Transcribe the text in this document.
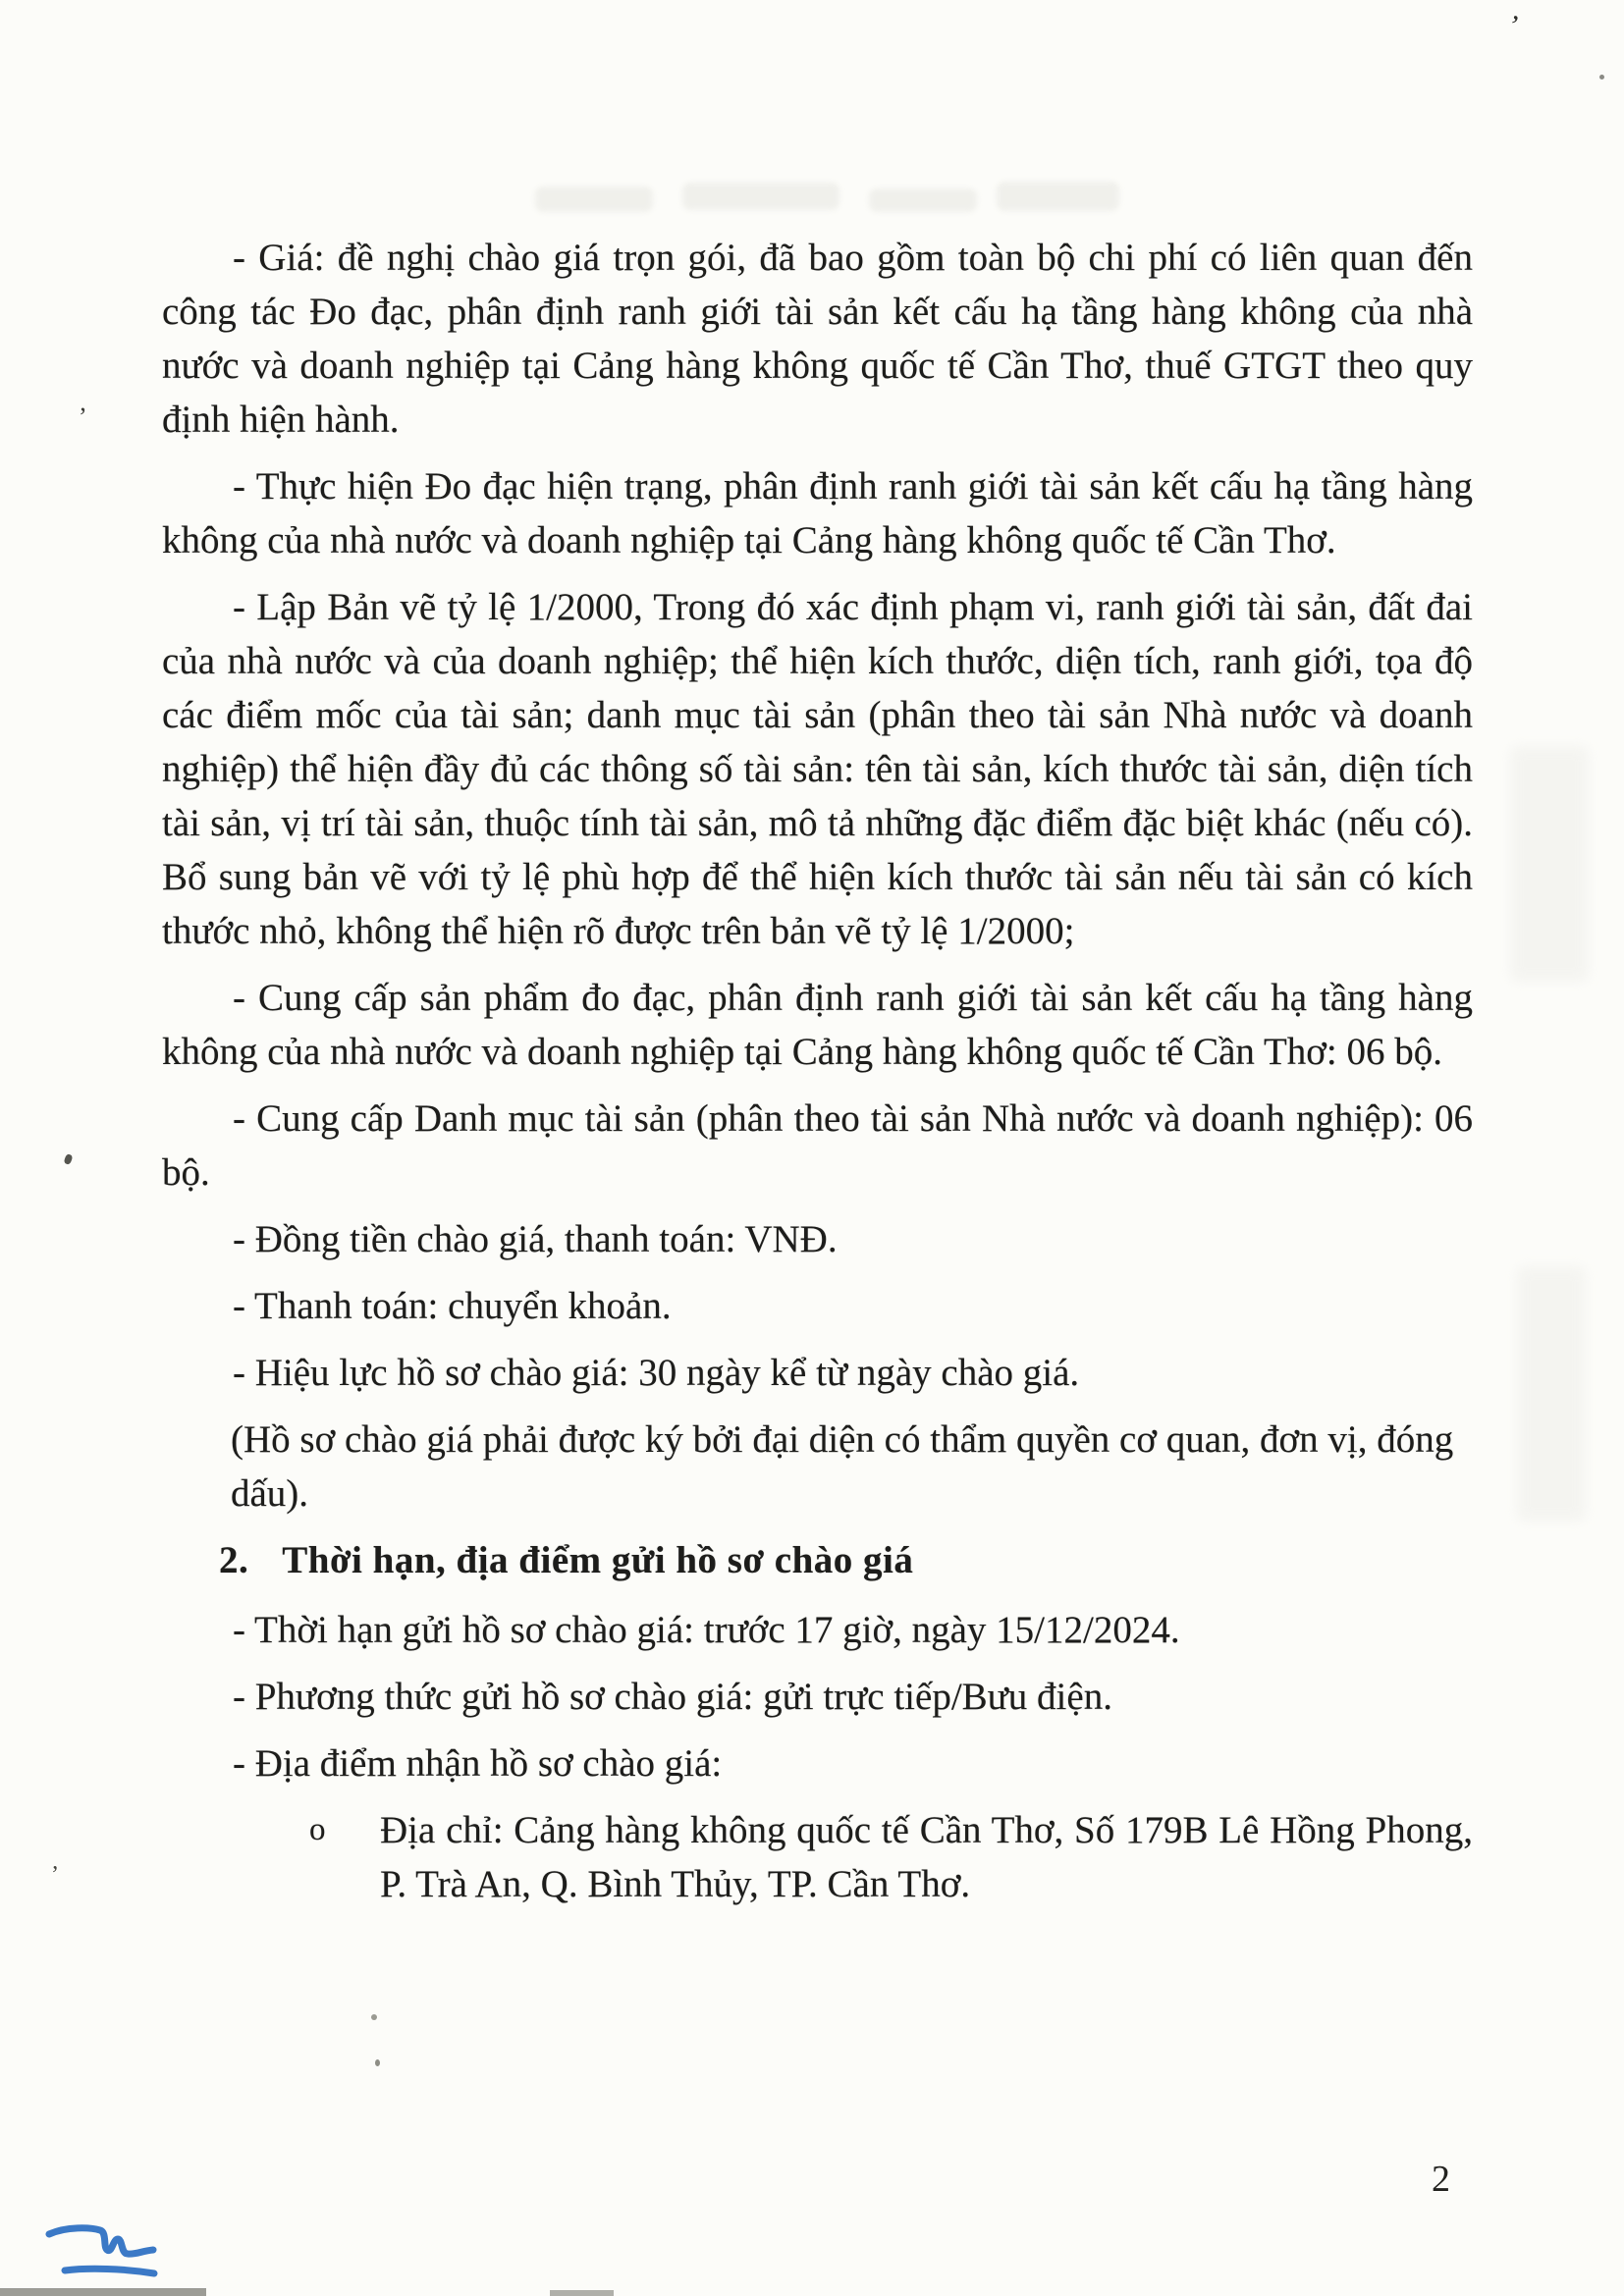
’
’
’

- Giá: đề nghị chào giá trọn gói, đã bao gồm toàn bộ chi phí có liên quan đến công tác Đo đạc, phân định ranh giới tài sản kết cấu hạ tầng hàng không của nhà nước và doanh nghiệp tại Cảng hàng không quốc tế Cần Thơ, thuế GTGT theo quy định hiện hành.

- Thực hiện Đo đạc hiện trạng, phân định ranh giới tài sản kết cấu hạ tầng hàng không của nhà nước và doanh nghiệp tại Cảng hàng không quốc tế Cần Thơ.

- Lập Bản vẽ tỷ lệ 1/2000, Trong đó xác định phạm vi, ranh giới tài sản, đất đai của nhà nước và của doanh nghiệp; thể hiện kích thước, diện tích, ranh giới, tọa độ các điểm mốc của tài sản; danh mục tài sản (phân theo tài sản Nhà nước và doanh nghiệp) thể hiện đầy đủ các thông số tài sản: tên tài sản, kích thước tài sản, diện tích tài sản, vị trí tài sản, thuộc tính tài sản, mô tả những đặc điểm đặc biệt khác (nếu có). Bổ sung bản vẽ với tỷ lệ phù hợp để thể hiện kích thước tài sản nếu tài sản có kích thước nhỏ, không thể hiện rõ được trên bản vẽ tỷ lệ 1/2000;

- Cung cấp sản phẩm đo đạc, phân định ranh giới tài sản kết cấu hạ tầng hàng không của nhà nước và doanh nghiệp tại Cảng hàng không quốc tế Cần Thơ: 06 bộ.

- Cung cấp Danh mục tài sản (phân theo tài sản Nhà nước và doanh nghiệp): 06 bộ.

- Đồng tiền chào giá, thanh toán: VNĐ.

- Thanh toán: chuyển khoản.

- Hiệu lực hồ sơ chào giá: 30 ngày kể từ ngày chào giá.

(Hồ sơ chào giá phải được ký bởi đại diện có thẩm quyền cơ quan, đơn vị, đóng dấu).

2. Thời hạn, địa điểm gửi hồ sơ chào giá

- Thời hạn gửi hồ sơ chào giá: trước 17 giờ, ngày 15/12/2024.

- Phương thức gửi hồ sơ chào giá: gửi trực tiếp/Bưu điện.

- Địa điểm nhận hồ sơ chào giá:

o	Địa chỉ: Cảng hàng không quốc tế Cần Thơ, Số 179B Lê Hồng Phong, P. Trà An, Q. Bình Thủy, TP. Cần Thơ.
2
